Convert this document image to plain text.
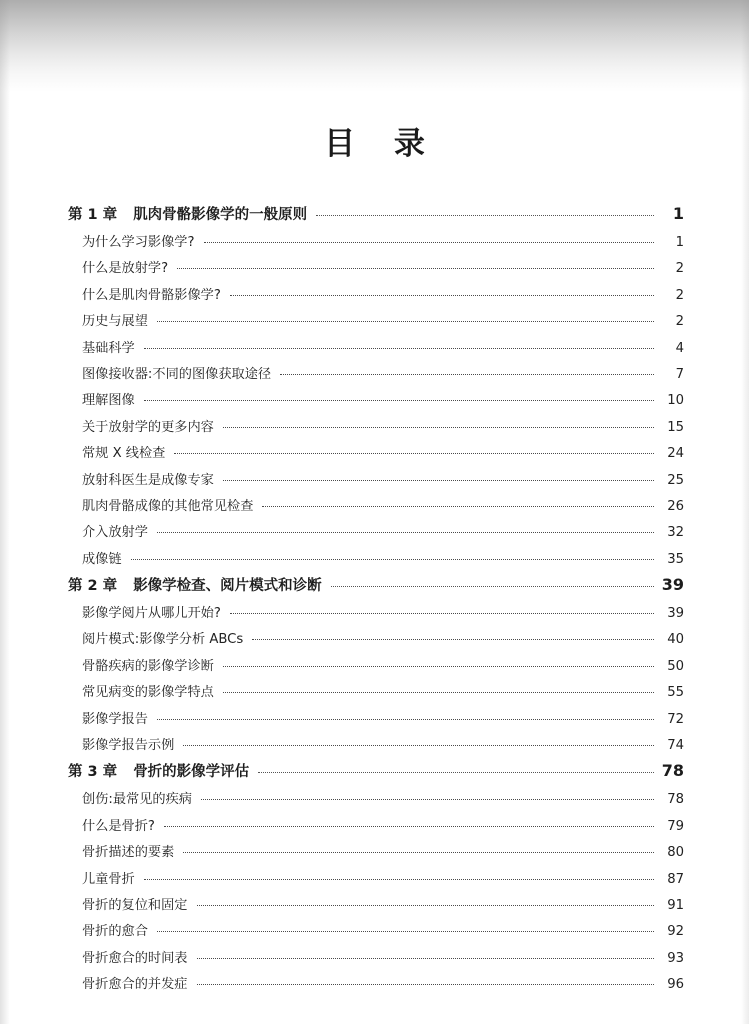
目 录
第 1 章	肌肉骨骼影像学的一般原则	1
为什么学习影像学?	1
什么是放射学?	2
什么是肌肉骨骼影像学?	2
历史与展望	2
基础科学	4
图像接收器:不同的图像获取途径	7
理解图像	10
关于放射学的更多内容	15
常规 X 线检查	24
放射科医生是成像专家	25
肌肉骨骼成像的其他常见检查	26
介入放射学	32
成像链	35
第 2 章	影像学检查、阅片模式和诊断	39
影像学阅片从哪儿开始?	39
阅片模式:影像学分析 ABCs	40
骨骼疾病的影像学诊断	50
常见病变的影像学特点	55
影像学报告	72
影像学报告示例	74
第 3 章	骨折的影像学评估	78
创伤:最常见的疾病	78
什么是骨折?	79
骨折描述的要素	80
儿童骨折	87
骨折的复位和固定	91
骨折的愈合	92
骨折愈合的时间表	93
骨折愈合的并发症	96
